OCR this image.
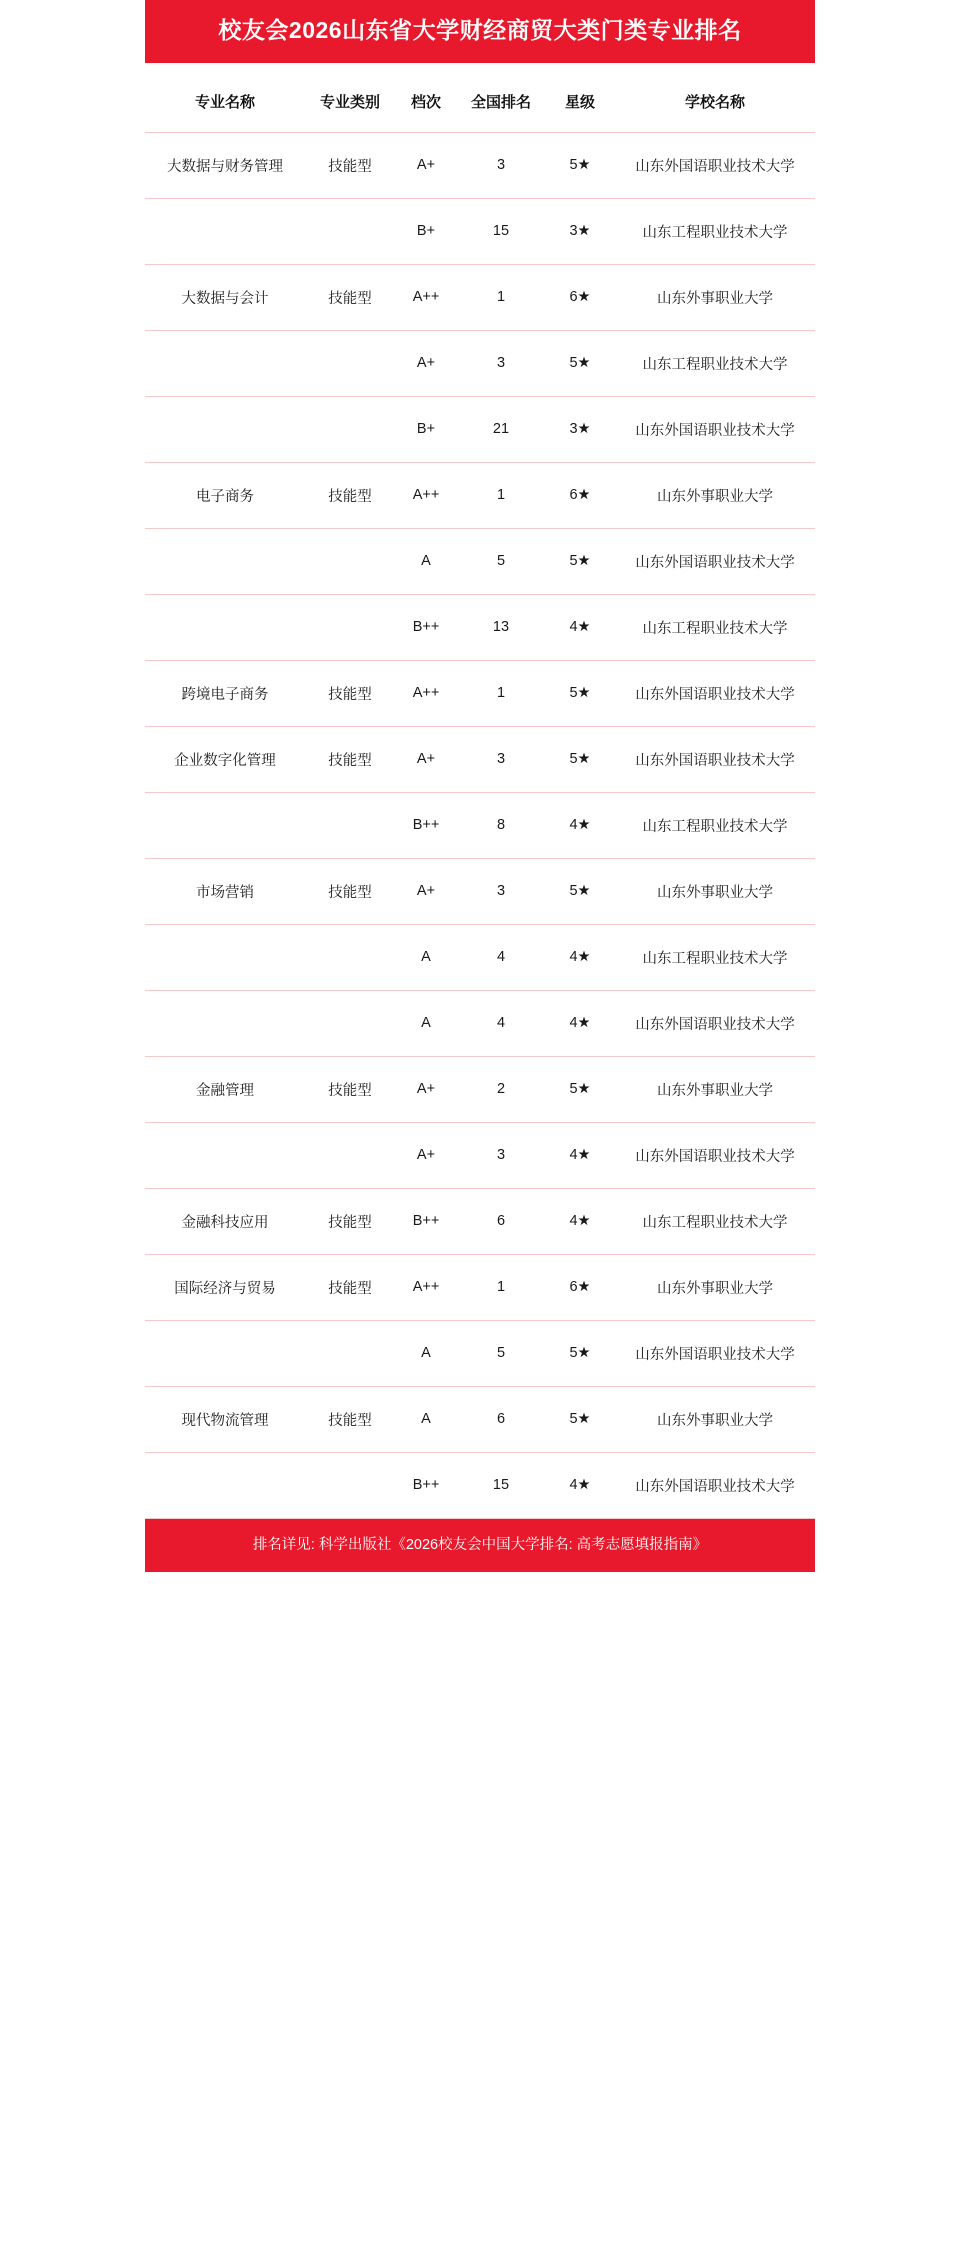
校友会2026山东省大学财经商贸大类门类专业排名
专业名称	专业类别	档次	全国排名	星级	学校名称
大数据与财务管理	技能型	A+	3	5★	山东外国语职业技术大学
		B+	15	3★	山东工程职业技术大学
大数据与会计	技能型	A++	1	6★	山东外事职业大学
		A+	3	5★	山东工程职业技术大学
		B+	21	3★	山东外国语职业技术大学
电子商务	技能型	A++	1	6★	山东外事职业大学
		A	5	5★	山东外国语职业技术大学
		B++	13	4★	山东工程职业技术大学
跨境电子商务	技能型	A++	1	5★	山东外国语职业技术大学
企业数字化管理	技能型	A+	3	5★	山东外国语职业技术大学
		B++	8	4★	山东工程职业技术大学
市场营销	技能型	A+	3	5★	山东外事职业大学
		A	4	4★	山东工程职业技术大学
		A	4	4★	山东外国语职业技术大学
金融管理	技能型	A+	2	5★	山东外事职业大学
		A+	3	4★	山东外国语职业技术大学
金融科技应用	技能型	B++	6	4★	山东工程职业技术大学
国际经济与贸易	技能型	A++	1	6★	山东外事职业大学
		A	5	5★	山东外国语职业技术大学
现代物流管理	技能型	A	6	5★	山东外事职业大学
		B++	15	4★	山东外国语职业技术大学
排名详见: 科学出版社《2026校友会中国大学排名: 高考志愿填报指南》
